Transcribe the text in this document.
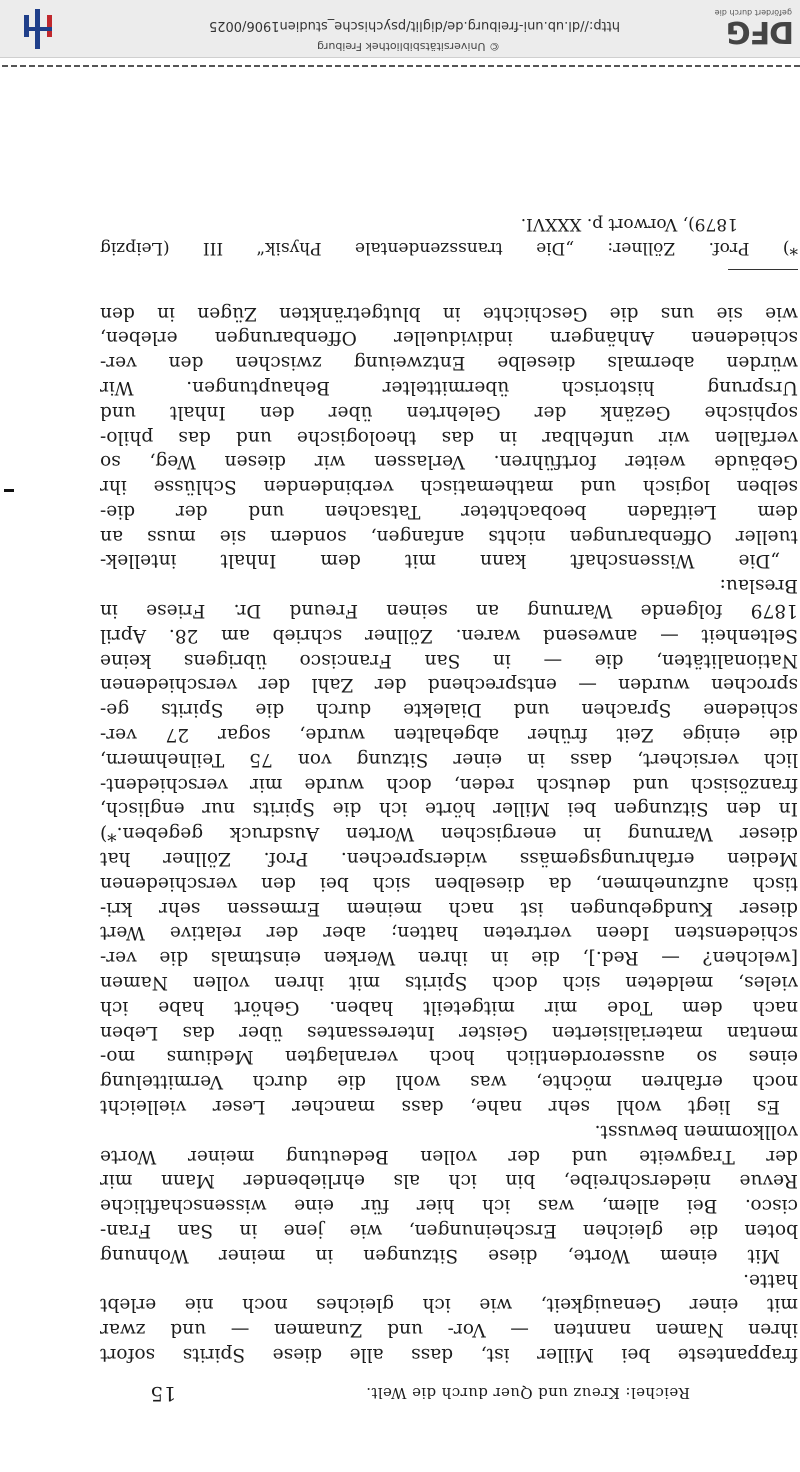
Reichel: Kreuz und Quer durch die Welt.
15
frappanteste bei Miller ist, dass alle diese Spirits sofort
ihren Namen nannten — Vor- und Zunamen — und zwar
mit einer Genauigkeit, wie ich gleiches noch nie erlebt
hatte.
Mit einem Worte, diese Sitzungen in meiner Wohnung
boten die gleichen Erscheinungen, wie jene in San Fran-
cisco. Bei allem, was ich hier für eine wissenschaftliche
Revue niederschreibe, bin ich als ehrliebender Mann mir
der Tragweite und der vollen Bedeutung meiner Worte
vollkommen bewusst.
Es liegt wohl sehr nahe, dass mancher Leser vielleicht
noch erfahren möchte, was wohl die durch Vermittelung
eines so ausserordentlich hoch veranlagten Mediums mo-
mentan materialisierten Geister Interessantes über das Leben
nach dem Tode mir mitgeteilt haben. Gehört habe ich
vieles, meldeten sich doch Spirits mit ihren vollen Namen
[welchen? — Red.], die in ihren Werken einstmals die ver-
schiedensten Ideen vertreten hatten; aber der relative Wert
dieser Kundgebungen ist nach meinem Ermessen sehr kri-
tisch aufzunehmen, da dieselben sich bei den verschiedenen
Medien erfahrungsgemäss widersprechen. Prof. Zöllner hat
dieser Warnung in energischen Worten Ausdruck gegeben.*)
In den Sitzungen bei Miller hörte ich die Spirits nur englisch,
französisch und deutsch reden, doch wurde mir verschiedent-
lich versichert, dass in einer Sitzung von 75 Teilnehmern,
die einige Zeit früher abgehalten wurde, sogar 27 ver-
schiedene Sprachen und Dialekte durch die Spirits ge-
sprochen wurden — entsprechend der Zahl der verschiedenen
Nationalitäten, die — in San Francisco übrigens keine
Seltenheit — anwesend waren. Zöllner schrieb am 28. April
1879 folgende Warnung an seinen Freund Dr. Friese in
Breslau:
„Die Wissenschaft kann mit dem Inhalt intellek-
tueller Offenbarungen nichts anfangen, sondern sie muss an
dem Leitfaden beobachteter Tatsachen und der die-
selben logisch und mathematisch verbindenden Schlüsse ihr
Gebäude weiter fortführen. Verlassen wir diesen Weg, so
verfallen wir unfehlbar in das theologische und das philo-
sophische Gezänk der Gelehrten über den Inhalt und
Ursprung historisch übermittelter Behauptungen. Wir
würden abermals dieselbe Entzweiung zwischen den ver-
schiedenen Anhängern individueller Offenbarungen erleben,
wie sie uns die Geschichte in blutgetränkten Zügen in den
*) Prof. Zöllner: „Die transszendentale Physik“ III (Leipzig
1879), Vorwort p. XXXVI.
DFG
gefördert durch die
http://dl.ub.uni-freiburg.de/diglit/psychische_studien1906/0025
© Universitätsbibliothek Freiburg
